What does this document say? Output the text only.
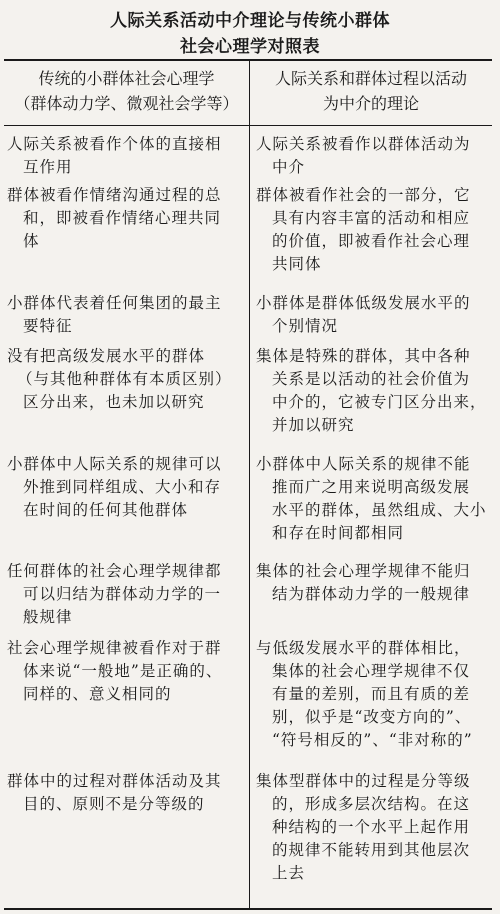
人际关系活动中介理论与传统小群体
社会心理学对照表
传统的小群体社会心理学
（群体动力学、微观社会学等）
人际关系和群体过程以活动
为中介的理论
人际关系被看作个体的直接相
互作用
人际关系被看作以群体活动为
中介
群体被看作情绪沟通过程的总
和，即被看作情绪心理共同
体
群体被看作社会的一部分，它
具有内容丰富的活动和相应
的价值，即被看作社会心理
共同体
小群体代表着任何集团的最主
要特征
小群体是群体低级发展水平的
个别情况
没有把高级发展水平的群体
（与其他种群体有本质区别）
区分出来，也未加以研究
集体是特殊的群体，其中各种
关系是以活动的社会价值为
中介的，它被专门区分出来，
并加以研究
小群体中人际关系的规律可以
外推到同样组成、大小和存
在时间的任何其他群体
小群体中人际关系的规律不能
推而广之用来说明高级发展
水平的群体，虽然组成、大小
和存在时间都相同
任何群体的社会心理学规律都
可以归结为群体动力学的一
般规律
集体的社会心理学规律不能归
结为群体动力学的一般规律
社会心理学规律被看作对于群
体来说“一般地”是正确的、
同样的、意义相同的
与低级发展水平的群体相比，
集体的社会心理学规律不仅
有量的差别，而且有质的差
别，似乎是“改变方向的”、
“符号相反的”、“非对称的”
群体中的过程对群体活动及其
目的、原则不是分等级的
集体型群体中的过程是分等级
的，形成多层次结构。在这
种结构的一个水平上起作用
的规律不能转用到其他层次
上去
